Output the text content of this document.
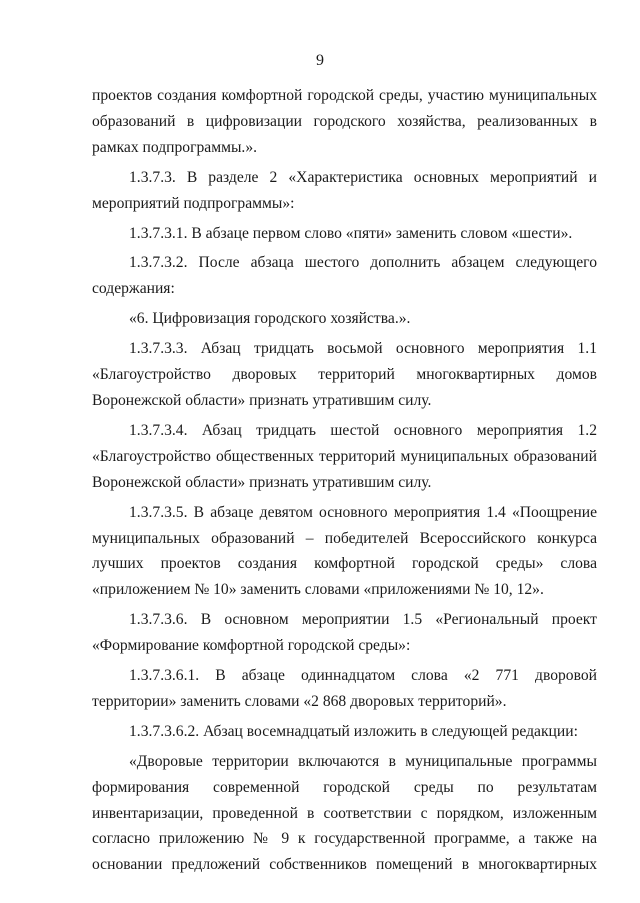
9

проектов создания комфортной городской среды, участию муниципальных образований в цифровизации городского хозяйства, реализованных в рамках подпрограммы.».

1.3.7.3. В разделе 2 «Характеристика основных мероприятий и мероприятий подпрограммы»:

1.3.7.3.1. В абзаце первом слово «пяти» заменить словом «шести».

1.3.7.3.2. После абзаца шестого дополнить абзацем следующего содержания:

«6. Цифровизация городского хозяйства.».

1.3.7.3.3. Абзац тридцать восьмой основного мероприятия 1.1 «Благоустройство дворовых территорий многоквартирных домов Воронежской области» признать утратившим силу.

1.3.7.3.4. Абзац тридцать шестой основного мероприятия 1.2 «Благоустройство общественных территорий муниципальных образований Воронежской области» признать утратившим силу.

1.3.7.3.5. В абзаце девятом основного мероприятия 1.4 «Поощрение муниципальных образований – победителей Всероссийского конкурса лучших проектов создания комфортной городской среды» слова «приложением № 10» заменить словами «приложениями № 10, 12».

1.3.7.3.6. В основном мероприятии 1.5 «Региональный проект «Формирование комфортной городской среды»:

1.3.7.3.6.1. В абзаце одиннадцатом слова «2 771 дворовой территории» заменить словами «2 868 дворовых территорий».

1.3.7.3.6.2. Абзац восемнадцатый изложить в следующей редакции:

«Дворовые территории включаются в муниципальные программы формирования современной городской среды по результатам инвентаризации, проведенной в соответствии с порядком, изложенным согласно приложению № 9 к государственной программе, а также на основании предложений собственников помещений в многоквартирных
